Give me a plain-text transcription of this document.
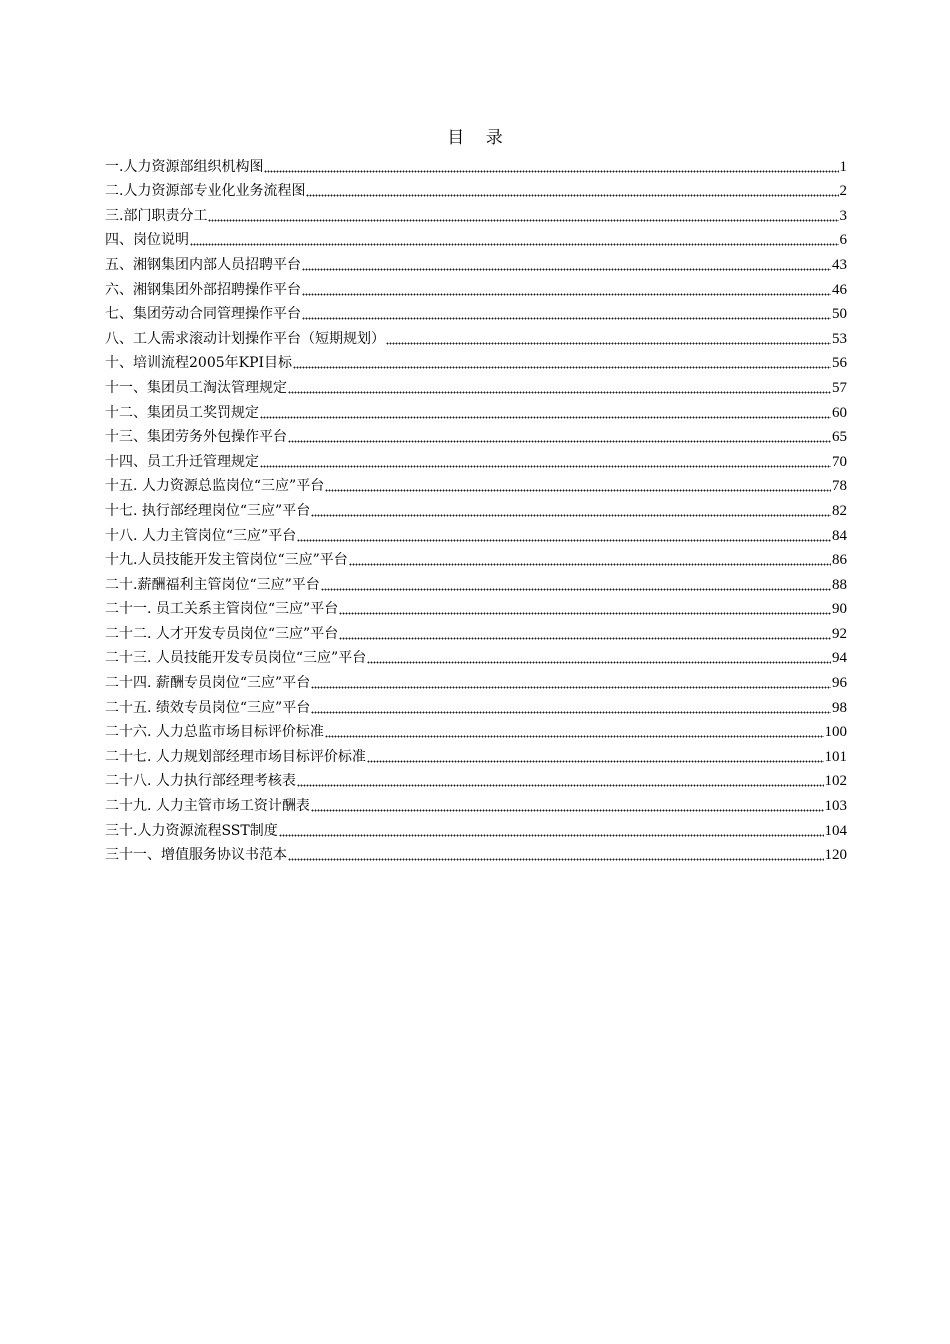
目 录
一.人力资源部组织机构图	1
二.人力资源部专业化业务流程图	2
三.部门职责分工	3
四、岗位说明	6
五、湘钢集团内部人员招聘平台	43
六、湘钢集团外部招聘操作平台	46
七、集团劳动合同管理操作平台	50
八、工人需求滚动计划操作平台（短期规划）	53
十、培训流程2005年KPI目标	56
十一、集团员工淘汰管理规定	57
十二、集团员工奖罚规定	60
十三、集团劳务外包操作平台	65
十四、员工升迁管理规定	70
十五. 人力资源总监岗位“三应”平台	78
十七. 执行部经理岗位“三应”平台	82
十八. 人力主管岗位“三应”平台	84
十九.人员技能开发主管岗位“三应”平台	86
二十.薪酬福利主管岗位“三应”平台	88
二十一. 员工关系主管岗位“三应”平台	90
二十二. 人才开发专员岗位“三应”平台	92
二十三. 人员技能开发专员岗位“三应”平台	94
二十四. 薪酬专员岗位“三应”平台	96
二十五. 绩效专员岗位“三应”平台	98
二十六. 人力总监市场目标评价标准	100
二十七. 人力规划部经理市场目标评价标准	101
二十八. 人力执行部经理考核表	102
二十九. 人力主管市场工资计酬表	103
三十.人力资源流程SST制度	104
三十一、增值服务协议书范本	120
